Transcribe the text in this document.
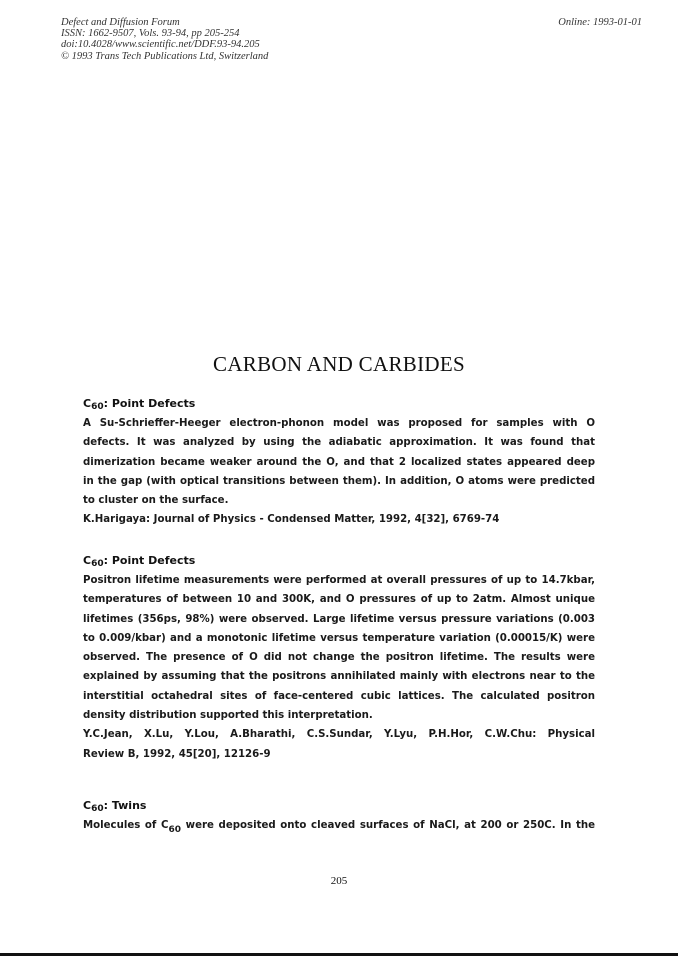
Defect and Diffusion Forum
ISSN: 1662-9507, Vols. 93-94, pp 205-254
doi:10.4028/www.scientific.net/DDF.93-94.205
© 1993 Trans Tech Publications Ltd, Switzerland
Online: 1993-01-01
CARBON AND CARBIDES
$C_{60}$: Point Defects
A Su-Schrieffer-Heeger electron-phonon model was proposed for samples with O
defects. It was analyzed by using the adiabatic approximation. It was found that
dimerization became weaker around the O, and that 2 localized states appeared deep
in the gap (with optical transitions between them). In addition, O atoms were predicted
to cluster on the surface.
K.Harigaya: Journal of Physics - Condensed Matter, 1992, 4[32], 6769-74
$C_{60}$: Point Defects
Positron lifetime measurements were performed at overall pressures of up to 14.7kbar,
temperatures of between 10 and 300K, and O pressures of up to 2atm. Almost unique
lifetimes (356ps, 98%) were observed. Large lifetime versus pressure variations (0.003
to 0.009/kbar) and a monotonic lifetime versus temperature variation (0.00015/K) were
observed. The presence of O did not change the positron lifetime. The results were
explained by assuming that the positrons annihilated mainly with electrons near to the
interstitial octahedral sites of face-centered cubic lattices. The calculated positron
density distribution supported this interpretation.
Y.C.Jean, X.Lu, Y.Lou, A.Bharathi, C.S.Sundar, Y.Lyu, P.H.Hor, C.W.Chu: Physical
Review B, 1992, 45[20], 12126-9
$C_{60}$: Twins
Molecules of $C_{60}$ were deposited onto cleaved surfaces of NaCl, at 200 or 250C. In the
205
